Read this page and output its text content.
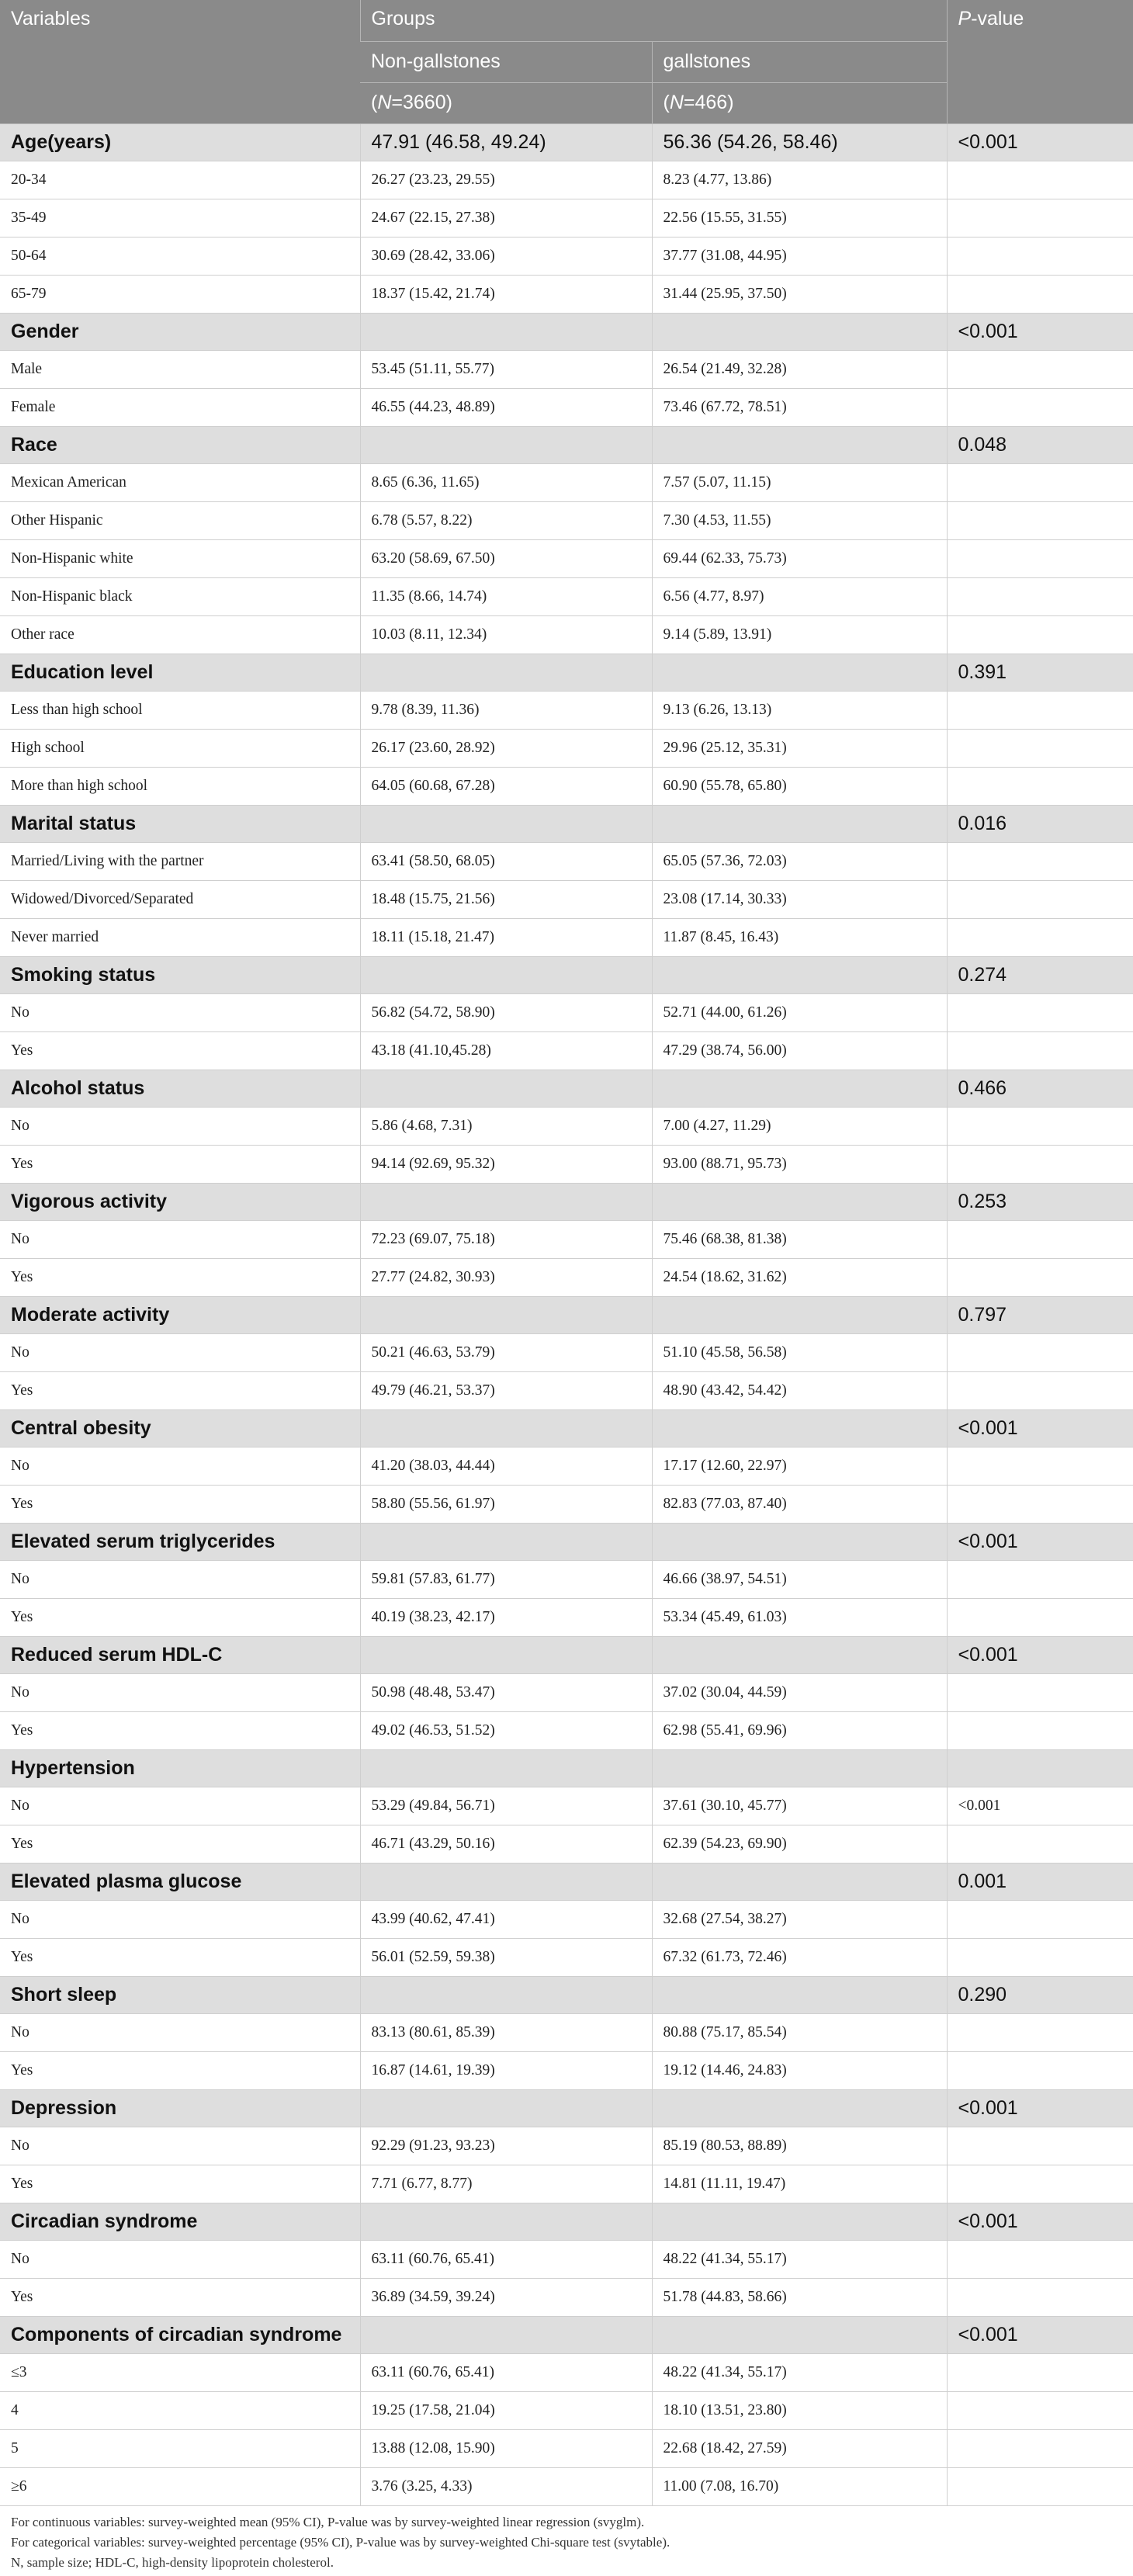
Variables	Groups		P-value
	Non-gallstones	gallstones	
	(N=3660)	(N=466)	
Age(years)	47.91 (46.58, 49.24)	56.36 (54.26, 58.46)	<0.001
20-34	26.27 (23.23, 29.55)	8.23 (4.77, 13.86)	
35-49	24.67 (22.15, 27.38)	22.56 (15.55, 31.55)	
50-64	30.69 (28.42, 33.06)	37.77 (31.08, 44.95)	
65-79	18.37 (15.42, 21.74)	31.44 (25.95, 37.50)	
Gender			<0.001
Male	53.45 (51.11, 55.77)	26.54 (21.49, 32.28)	
Female	46.55 (44.23, 48.89)	73.46 (67.72, 78.51)	
Race			0.048
Mexican American	8.65 (6.36, 11.65)	7.57 (5.07, 11.15)	
Other Hispanic	6.78 (5.57, 8.22)	7.30 (4.53, 11.55)	
Non-Hispanic white	63.20 (58.69, 67.50)	69.44 (62.33, 75.73)	
Non-Hispanic black	11.35 (8.66, 14.74)	6.56 (4.77, 8.97)	
Other race	10.03 (8.11, 12.34)	9.14 (5.89, 13.91)	
Education level			0.391
Less than high school	9.78 (8.39, 11.36)	9.13 (6.26, 13.13)	
High school	26.17 (23.60, 28.92)	29.96 (25.12, 35.31)	
More than high school	64.05 (60.68, 67.28)	60.90 (55.78, 65.80)	
Marital status			0.016
Married/Living with the partner	63.41 (58.50, 68.05)	65.05 (57.36, 72.03)	
Widowed/Divorced/Separated	18.48 (15.75, 21.56)	23.08 (17.14, 30.33)	
Never married	18.11 (15.18, 21.47)	11.87 (8.45, 16.43)	
Smoking status			0.274
No	56.82 (54.72, 58.90)	52.71 (44.00, 61.26)	
Yes	43.18 (41.10,45.28)	47.29 (38.74, 56.00)	
Alcohol status			0.466
No	5.86 (4.68, 7.31)	7.00 (4.27, 11.29)	
Yes	94.14 (92.69, 95.32)	93.00 (88.71, 95.73)	
Vigorous activity			0.253
No	72.23 (69.07, 75.18)	75.46 (68.38, 81.38)	
Yes	27.77 (24.82, 30.93)	24.54 (18.62, 31.62)	
Moderate activity			0.797
No	50.21 (46.63, 53.79)	51.10 (45.58, 56.58)	
Yes	49.79 (46.21, 53.37)	48.90 (43.42, 54.42)	
Central obesity			<0.001
No	41.20 (38.03, 44.44)	17.17 (12.60, 22.97)	
Yes	58.80 (55.56, 61.97)	82.83 (77.03, 87.40)	
Elevated serum triglycerides			<0.001
No	59.81 (57.83, 61.77)	46.66 (38.97, 54.51)	
Yes	40.19 (38.23, 42.17)	53.34 (45.49, 61.03)	
Reduced serum HDL-C			<0.001
No	50.98 (48.48, 53.47)	37.02 (30.04, 44.59)	
Yes	49.02 (46.53, 51.52)	62.98 (55.41, 69.96)	
Hypertension			
No	53.29 (49.84, 56.71)	37.61 (30.10, 45.77)	<0.001
Yes	46.71 (43.29, 50.16)	62.39 (54.23, 69.90)	
Elevated plasma glucose			0.001
No	43.99 (40.62, 47.41)	32.68 (27.54, 38.27)	
Yes	56.01 (52.59, 59.38)	67.32 (61.73, 72.46)	
Short sleep			0.290
No	83.13 (80.61, 85.39)	80.88 (75.17, 85.54)	
Yes	16.87 (14.61, 19.39)	19.12 (14.46, 24.83)	
Depression			<0.001
No	92.29 (91.23, 93.23)	85.19 (80.53, 88.89)	
Yes	7.71 (6.77, 8.77)	14.81 (11.11, 19.47)	
Circadian syndrome			<0.001
No	63.11 (60.76, 65.41)	48.22 (41.34, 55.17)	
Yes	36.89 (34.59, 39.24)	51.78 (44.83, 58.66)	
Components of circadian syndrome			<0.001
≤3	63.11 (60.76, 65.41)	48.22 (41.34, 55.17)	
4	19.25 (17.58, 21.04)	18.10 (13.51, 23.80)	
5	13.88 (12.08, 15.90)	22.68 (18.42, 27.59)	
≥6	3.76 (3.25, 4.33)	11.00 (7.08, 16.70)	
For continuous variables: survey-weighted mean (95% CI), P-value was by survey-weighted linear regression (svyglm).
For categorical variables: survey-weighted percentage (95% CI), P-value was by survey-weighted Chi-square test (svytable).
N, sample size; HDL-C, high-density lipoprotein cholesterol.
